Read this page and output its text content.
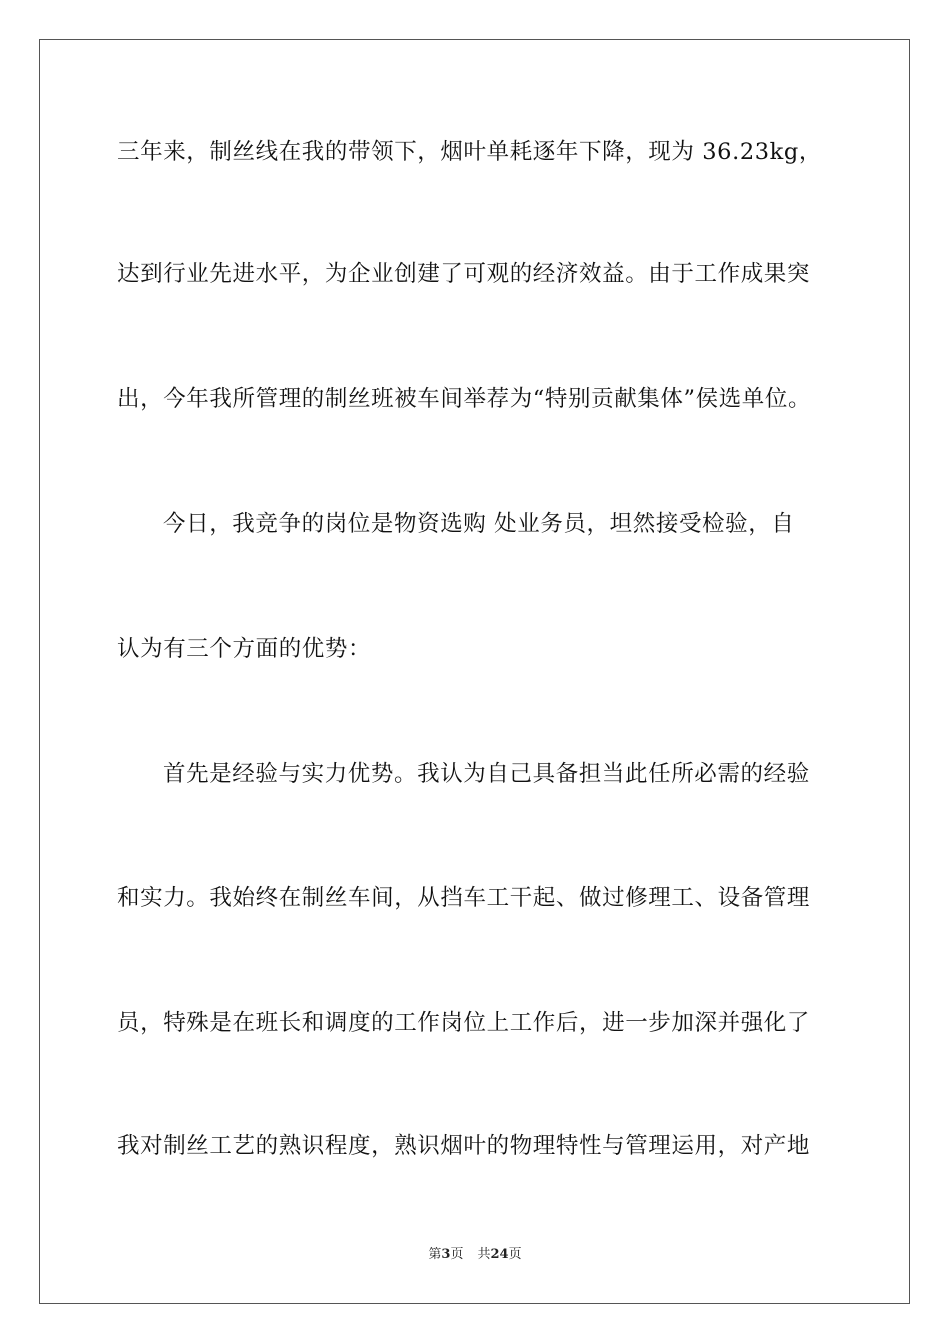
三年来，制丝线在我的带领下，烟叶单耗逐年下降，现为 36.23kg，
达到行业先进水平，为企业创建了可观的经济效益。由于工作成果突
出，今年我所管理的制丝班被车间举荐为“特别贡献集体”侯选单位。
今日，我竞争的岗位是物资选购 处业务员，坦然接受检验，自
认为有三个方面的优势：
首先是经验与实力优势。我认为自己具备担当此任所必需的经验
和实力。我始终在制丝车间，从挡车工干起、做过修理工、设备管理
员，特殊是在班长和调度的工作岗位上工作后，进一步加深并强化了
我对制丝工艺的熟识程度，熟识烟叶的物理特性与管理运用，对产地
第3页 共24页
